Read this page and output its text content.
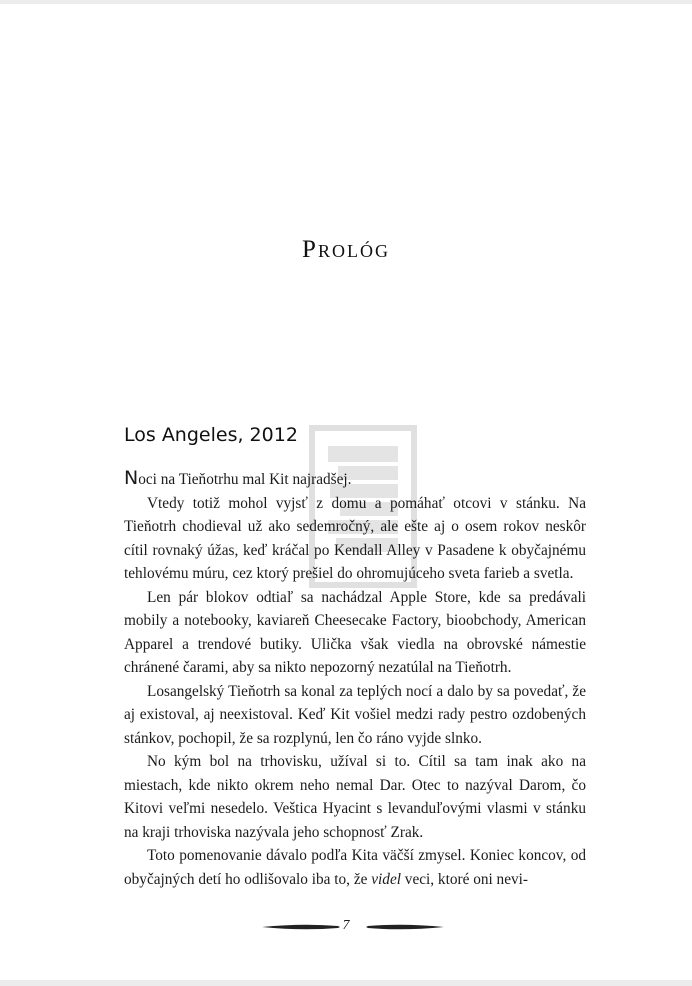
Prológ
Los Angeles, 2012

Noci na Tieňotrhu mal Kit najradšej.

Vtedy totiž mohol vyjsť z domu a pomáhať otcovi v stánku. Na Tieňotrh chodieval už ako sedemročný, ale ešte aj o osem rokov neskôr cítil rovnaký úžas, keď kráčal po Kendall Alley v Pasadene k obyčajnému tehlovému múru, cez ktorý prešiel do ohromujúceho sveta farieb a svetla.

Len pár blokov odtiaľ sa nachádzal Apple Store, kde sa predávali mobily a notebooky, kaviareň Cheesecake Factory, bioobchody, American Apparel a trendové butiky. Ulička však viedla na obrovské námestie chránené čarami, aby sa nikto nepozorný nezatúlal na Tieňotrh.

Losangelský Tieňotrh sa konal za teplých nocí a dalo by sa povedať, že aj existoval, aj neexistoval. Keď Kit vošiel medzi rady pestro ozdobených stánkov, pochopil, že sa rozplynú, len čo ráno vyjde slnko.

No kým bol na trhovisku, užíval si to. Cítil sa tam inak ako na miestach, kde nikto okrem neho nemal Dar. Otec to nazýval Darom, čo Kitovi veľmi nesedelo. Veštica Hyacint s levanduľovými vlasmi v stánku na kraji trhoviska nazývala jeho schopnosť Zrak.

Toto pomenovanie dávalo podľa Kita väčší zmysel. Koniec koncov, od obyčajných detí ho odlišovalo iba to, že videl veci, ktoré oni nevi-

7
